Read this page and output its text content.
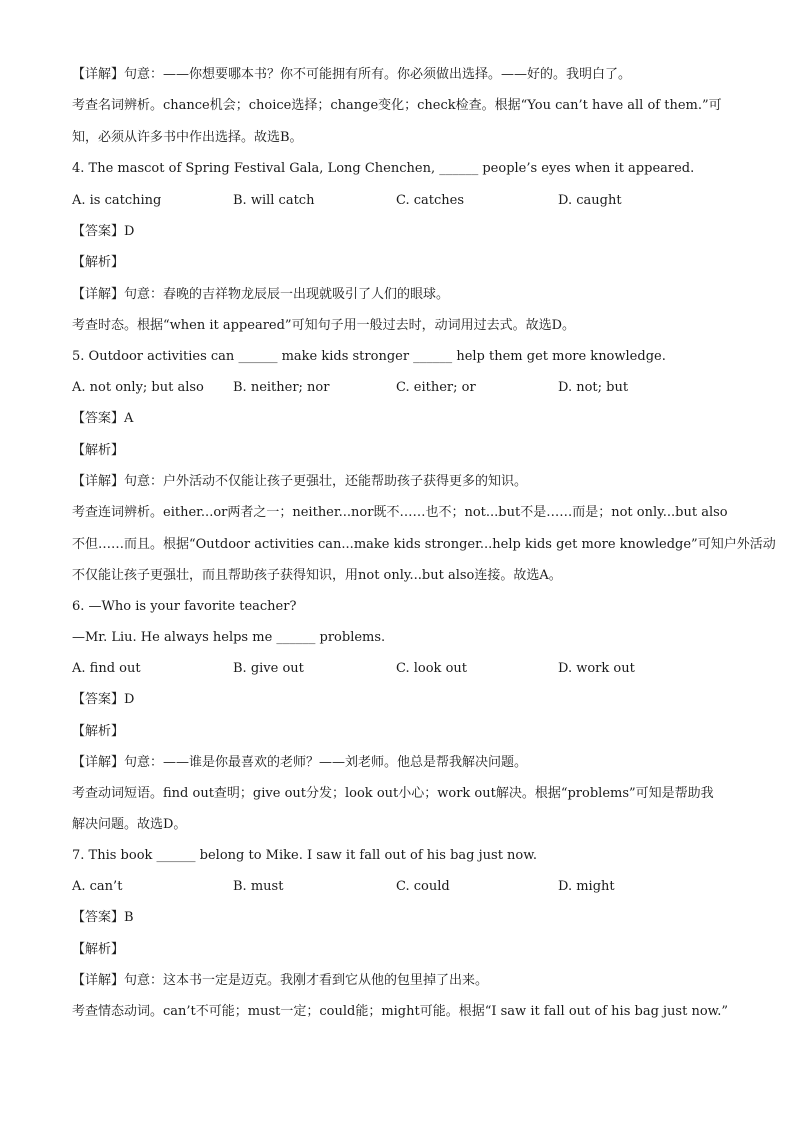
【详解】句意：——你想要哪本书？你不可能拥有所有。你必须做出选择。——好的。我明白了。
考查名词辨析。chance机会；choice选择；change变化；check检查。根据“You can’t have all of them.”可
知，必须从许多书中作出选择。故选B。
4. The mascot of Spring Festival Gala, Long Chenchen, ______ people’s eyes when it appeared.
A. is catching	B. will catch	C. catches	D. caught
【答案】D
【解析】
【详解】句意：春晚的吉祥物龙辰辰一出现就吸引了人们的眼球。
考查时态。根据“when it appeared”可知句子用一般过去时，动词用过去式。故选D。
5. Outdoor activities can ______ make kids stronger ______ help them get more knowledge.
A. not only; but also B. neither; nor	C. either; or	D. not; but
【答案】A
【解析】
【详解】句意：户外活动不仅能让孩子更强壮，还能帮助孩子获得更多的知识。
考查连词辨析。either...or两者之一；neither...nor既不……也不；not...but不是……而是；not only...but also
不但……而且。根据“Outdoor activities can...make kids stronger...help kids get more knowledge”可知户外活动
不仅能让孩子更强壮，而且帮助孩子获得知识，用not only...but also连接。故选A。
6. —Who is your favorite teacher?
—Mr. Liu. He always helps me ______ problems.
A. find out	B. give out	C. look out	D. work out
【答案】D
【解析】
【详解】句意：——谁是你最喜欢的老师？——刘老师。他总是帮我解决问题。
考查动词短语。find out查明；give out分发；look out小心；work out解决。根据“problems”可知是帮助我
解决问题。故选D。
7. This book ______ belong to Mike. I saw it fall out of his bag just now.
A. can’t	B. must	C. could	D. might
【答案】B
【解析】
【详解】句意：这本书一定是迈克。我刚才看到它从他的包里掉了出来。
考查情态动词。can’t不可能；must一定；could能；might可能。根据“I saw it fall out of his bag just now.”
